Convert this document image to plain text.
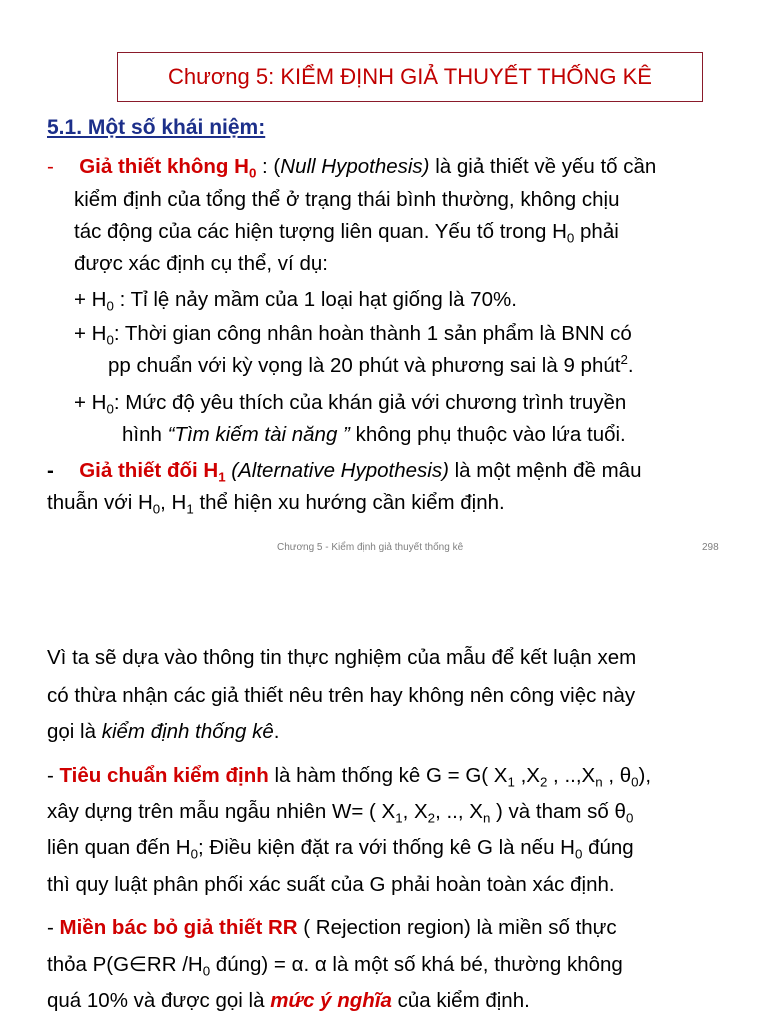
Chương 5: KIỂM ĐỊNH GIẢ THUYẾT THỐNG KÊ
5.1. Một số khái niệm:
- Giả thiết không $H_0$ : (Null Hypothesis) là giả thiết về yếu tố cần
kiểm định của tổng thể ở trạng thái bình thường, không chịu
tác động của các hiện tượng liên quan. Yếu tố trong $H_0$ phải
được xác định cụ thể, ví dụ:
+ $H_0$ : Tỉ lệ nảy mầm của 1 loại hạt giống là 70%.
+ $H_0$: Thời gian công nhân hoàn thành 1 sản phẩm là BNN có
pp chuẩn với kỳ vọng là 20 phút và phương sai là 9 phút$^2$.
+ $H_0$: Mức độ yêu thích của khán giả với chương trình truyền
hình “Tìm kiếm tài năng ” không phụ thuộc vào lứa tuổi.
- Giả thiết đối $H_1$ (Alternative Hypothesis) là một mệnh đề mâu
thuẫn với $H_0$, $H_1$ thể hiện xu hướng cần kiểm định.
Chương 5 - Kiểm định giả thuyết thống kê	298
Vì ta sẽ dựa vào thông tin thực nghiệm của mẫu để kết luận xem
có thừa nhận các giả thiết nêu trên hay không nên công việc này
gọi là kiểm định thống kê.
- Tiêu chuẩn kiểm định là hàm thống kê G = G( $X_1$ $,X_2$ , $..,X_n$ , $\theta_0$),
xây dựng trên mẫu ngẫu nhiên W= ( $X_1$, $X_2$, .., $X_n$ ) và tham số $\theta_0$
liên quan đến $H_0$; Điều kiện đặt ra với thống kê G là nếu $H_0$ đúng
thì quy luật phân phối xác suất của G phải hoàn toàn xác định.
- Miền bác bỏ giả thiết RR ( Rejection region) là miền số thực
thỏa P(G∈RR $/H_0$ đúng) = α. α là một số khá bé, thường không
quá 10% và được gọi là mức ý nghĩa của kiểm định.
